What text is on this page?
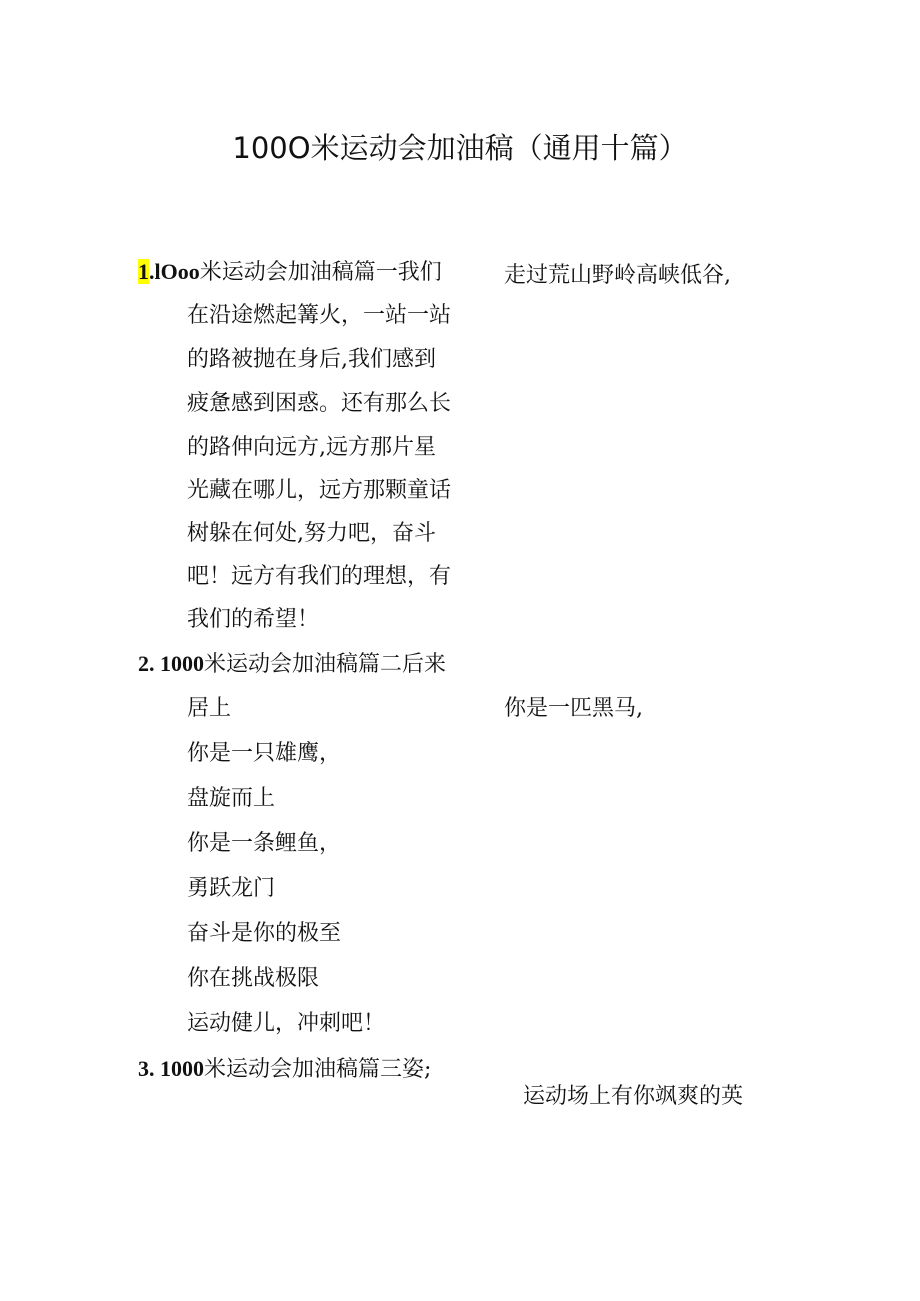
100O米运动会加油稿（通用十篇）
1.lOoo米运动会加油稿篇一我们	走过荒山野岭高峡低谷,
在沿途燃起篝火，一站一站
的路被抛在身后,我们感到
疲惫感到困惑。还有那么长
的路伸向远方,远方那片星
光藏在哪儿，远方那颗童话
树躲在何处,努力吧，奋斗
吧！远方有我们的理想，有
我们的希望！
2. 1000米运动会加油稿篇二后来
居上	你是一匹黑马,
你是一只雄鹰，
盘旋而上
你是一条鲤鱼，
勇跃龙门
奋斗是你的极至
你在挑战极限
运动健儿，冲刺吧！
3. 1000米运动会加油稿篇三姿;
运动场上有你飒爽的英
